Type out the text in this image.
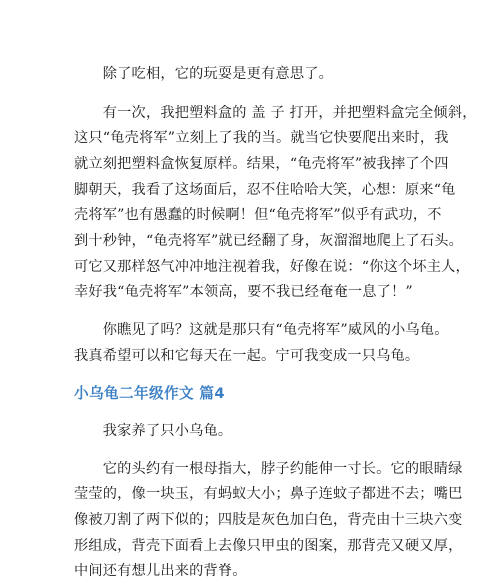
　　除了吃相，它的玩耍是更有意思了。
　　有一次，我把塑料盒的 盖 子 打开，并把塑料盒完全倾斜，
这只“龟壳将军”立刻上了我的当。就当它快要爬出来时，我
就立刻把塑料盒恢复原样。结果，“龟壳将军”被我摔了个四
脚朝天，我看了这场面后，忍不住哈哈大笑，心想：原来“龟
壳将军”也有愚蠢的时候啊！但“龟壳将军”似乎有武功，不
到十秒钟，“龟壳将军”就已经翻了身，灰溜溜地爬上了石头。
可它又那样怒气冲冲地注视着我，好像在说：“你这个坏主人，
幸好我“龟壳将军”本领高，要不我已经奄奄一息了！”
　　你瞧见了吗？这就是那只有“龟壳将军”威风的小乌龟。
我真希望可以和它每天在一起。宁可我变成一只乌龟。
小乌龟二年级作文 篇4
　　我家养了只小乌龟。
　　它的头约有一根母指大，脖子约能伸一寸长。它的眼睛绿
莹莹的，像一块玉，有蚂蚁大小；鼻子连蚊子都进不去；嘴巴
像被刀割了两下似的；四肢是灰色加白色，背壳由十三块六变
形组成，背壳下面看上去像只甲虫的图案，那背壳又硬又厚，
中间还有想儿出来的背脊。
